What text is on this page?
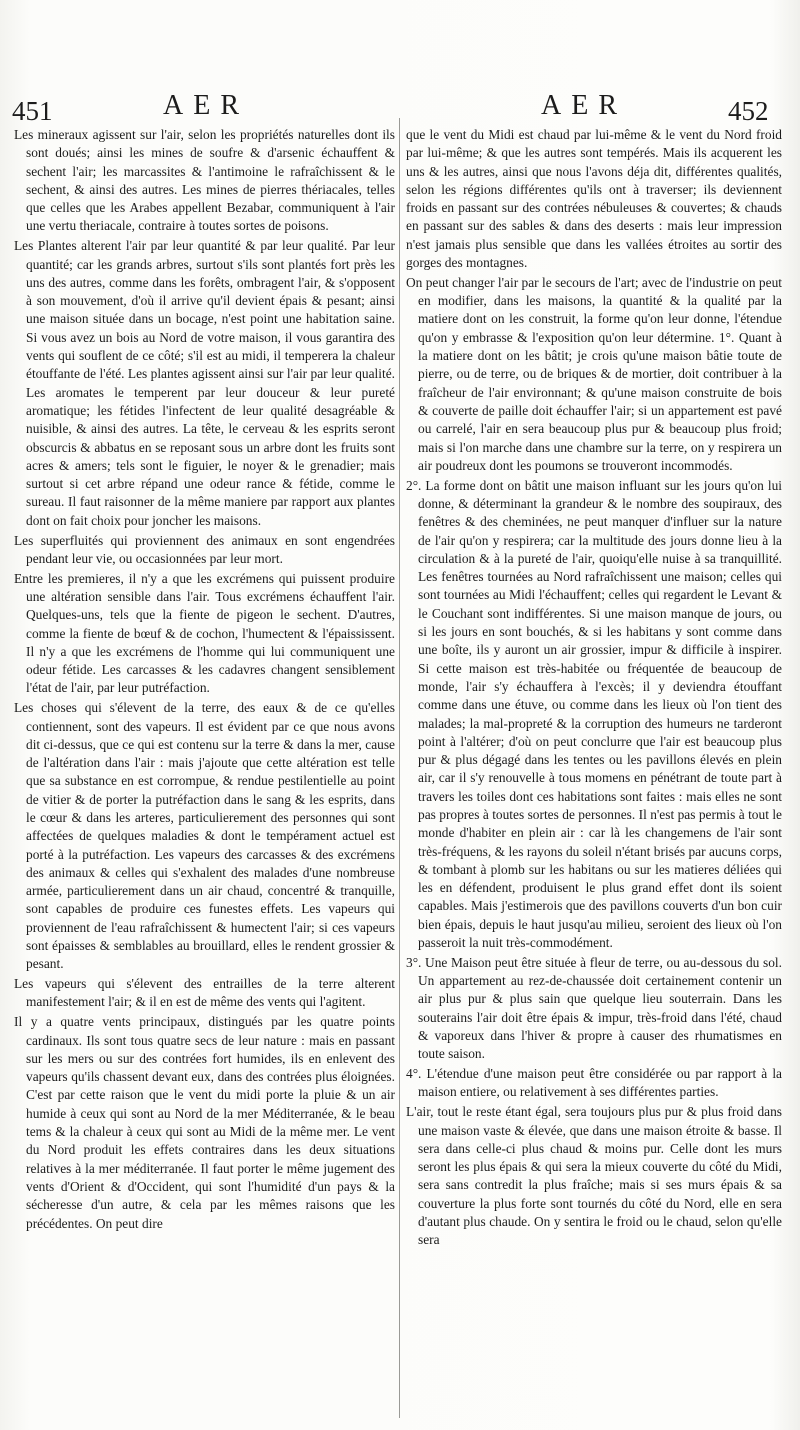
451	AER	AER	452

Les mineraux agissent sur l'air, selon les propriétés naturelles dont ils sont doués; ainsi les mines de soufre & d'arsenic échauffent & sechent l'air; les marcassites & l'antimoine le rafraîchissent & le sechent, & ainsi des autres. Les mines de pierres thériacales, telles que celles que les Arabes appellent Bezabar, communiquent à l'air une vertu theriacale, contraire à toutes sortes de poisons.

Les Plantes alterent l'air par leur quantité & par leur qualité. Par leur quantité; car les grands arbres, surtout s'ils sont plantés fort près les uns des autres, comme dans les forêts, ombragent l'air, & s'opposent à son mouvement, d'où il arrive qu'il devient épais & pesant; ainsi une maison située dans un bocage, n'est point une habitation saine. Si vous avez un bois au Nord de votre maison, il vous garantira des vents qui souflent de ce côté; s'il est au midi, il temperera la chaleur étouffante de l'été. Les plantes agissent ainsi sur l'air par leur qualité. Les aromates le temperent par leur douceur & leur pureté aromatique; les fétides l'infectent de leur qualité desagréable & nuisible, & ainsi des autres. La tête, le cerveau & les esprits seront obscurcis & abbatus en se reposant sous un arbre dont les fruits sont acres & amers; tels sont le figuier, le noyer & le grenadier; mais surtout si cet arbre répand une odeur rance & fétide, comme le sureau. Il faut raisonner de la même maniere par rapport aux plantes dont on fait choix pour joncher les maisons.

Les superfluités qui proviennent des animaux en sont engendrées pendant leur vie, ou occasionnées par leur mort.

Entre les premieres, il n'y a que les excrémens qui puissent produire une altération sensible dans l'air. Tous excrémens échauffent l'air. Quelques-uns, tels que la fiente de pigeon le sechent. D'autres, comme la fiente de bœuf & de cochon, l'humectent & l'épaississent. Il n'y a que les excrémens de l'homme qui lui communiquent une odeur fétide. Les carcasses & les cadavres changent sensiblement l'état de l'air, par leur putréfaction.

Les choses qui s'élevent de la terre, des eaux & de ce qu'elles contiennent, sont des vapeurs. Il est évident par ce que nous avons dit ci-dessus, que ce qui est contenu sur la terre & dans la mer, cause de l'altération dans l'air : mais j'ajoute que cette altération est telle que sa substance en est corrompue, & rendue pestilentielle au point de vitier & de porter la putréfaction dans le sang & les esprits, dans le cœur & dans les arteres, particulierement des personnes qui sont affectées de quelques maladies & dont le tempérament actuel est porté à la putréfaction. Les vapeurs des carcasses & des excrémens des animaux & celles qui s'exhalent des malades d'une nombreuse armée, particulierement dans un air chaud, concentré & tranquille, sont capables de produire ces funestes effets. Les vapeurs qui proviennent de l'eau rafraîchissent & humectent l'air; si ces vapeurs sont épaisses & semblables au brouillard, elles le rendent grossier & pesant.

Les vapeurs qui s'élevent des entrailles de la terre alterent manifestement l'air; & il en est de même des vents qui l'agitent.

Il y a quatre vents principaux, distingués par les quatre points cardinaux. Ils sont tous quatre secs de leur nature : mais en passant sur les mers ou sur des contrées fort humides, ils en enlevent des vapeurs qu'ils chassent devant eux, dans des contrées plus éloignées. C'est par cette raison que le vent du midi porte la pluie & un air humide à ceux qui sont au Nord de la mer Méditerranée, & le beau tems & la chaleur à ceux qui sont au Midi de la même mer. Le vent du Nord produit les effets contraires dans les deux situations relatives à la mer méditerranée. Il faut porter le même jugement des vents d'Orient & d'Occident, qui sont l'humidité d'un pays & la sécheresse d'un autre, & cela par les mêmes raisons que les précédentes. On peut dire

que le vent du Midi est chaud par lui-même & le vent du Nord froid par lui-même; & que les autres sont tempérés. Mais ils acquerent les uns & les autres, ainsi que nous l'avons déja dit, différentes qualités, selon les régions différentes qu'ils ont à traverser; ils deviennent froids en passant sur des contrées nébuleuses & couvertes; & chauds en passant sur des sables & dans des deserts : mais leur impression n'est jamais plus sensible que dans les vallées étroites au sortir des gorges des montagnes.

On peut changer l'air par le secours de l'art; avec de l'industrie on peut en modifier, dans les maisons, la quantité & la qualité par la matiere dont on les construit, la forme qu'on leur donne, l'étendue qu'on y embrasse & l'exposition qu'on leur détermine. 1°. Quant à la matiere dont on les bâtit; je crois qu'une maison bâtie toute de pierre, ou de terre, ou de briques & de mortier, doit contribuer à la fraîcheur de l'air environnant; & qu'une maison construite de bois & couverte de paille doit échauffer l'air; si un appartement est pavé ou carrelé, l'air en sera beaucoup plus pur & beaucoup plus froid; mais si l'on marche dans une chambre sur la terre, on y respirera un air poudreux dont les poumons se trouveront incommodés.

2°. La forme dont on bâtit une maison influant sur les jours qu'on lui donne, & déterminant la grandeur & le nombre des soupiraux, des fenêtres & des cheminées, ne peut manquer d'influer sur la nature de l'air qu'on y respirera; car la multitude des jours donne lieu à la circulation & à la pureté de l'air, quoiqu'elle nuise à sa tranquillité. Les fenêtres tournées au Nord rafraîchissent une maison; celles qui sont tournées au Midi l'échauffent; celles qui regardent le Levant & le Couchant sont indifférentes. Si une maison manque de jours, ou si les jours en sont bouchés, & si les habitans y sont comme dans une boîte, ils y auront un air grossier, impur & difficile à inspirer. Si cette maison est très-habitée ou fréquentée de beaucoup de monde, l'air s'y échauffera à l'excès; il y deviendra étouffant comme dans une étuve, ou comme dans les lieux où l'on tient des malades; la mal-propreté & la corruption des humeurs ne tarderont point à l'altérer; d'où on peut conclurre que l'air est beaucoup plus pur & plus dégagé dans les tentes ou les pavillons élevés en plein air, car il s'y renouvelle à tous momens en pénétrant de toute part à travers les toiles dont ces habitations sont faites : mais elles ne sont pas propres à toutes sortes de personnes. Il n'est pas permis à tout le monde d'habiter en plein air : car là les changemens de l'air sont très-fréquens, & les rayons du soleil n'étant brisés par aucuns corps, & tombant à plomb sur les habitans ou sur les matieres déliées qui les en défendent, produisent le plus grand effet dont ils soient capables. Mais j'estimerois que des pavillons couverts d'un bon cuir bien épais, depuis le haut jusqu'au milieu, seroient des lieux où l'on passeroit la nuit très-commodément.

3°. Une Maison peut être située à fleur de terre, ou au-dessous du sol. Un appartement au rez-de-chaussée doit certainement contenir un air plus pur & plus sain que quelque lieu souterrain. Dans les souterains l'air doit être épais & impur, très-froid dans l'été, chaud & vaporeux dans l'hiver & propre à causer des rhumatismes en toute saison.

4°. L'étendue d'une maison peut être considérée ou par rapport à la maison entiere, ou relativement à ses différentes parties.

L'air, tout le reste étant égal, sera toujours plus pur & plus froid dans une maison vaste & élevée, que dans une maison étroite & basse. Il sera dans celle-ci plus chaud & moins pur. Celle dont les murs seront les plus épais & qui sera la mieux couverte du côté du Midi, sera sans contredit la plus fraîche; mais si ses murs épais & sa couverture la plus forte sont tournés du côté du Nord, elle en sera d'autant plus chaude. On y sentira le froid ou le chaud, selon qu'elle sera
